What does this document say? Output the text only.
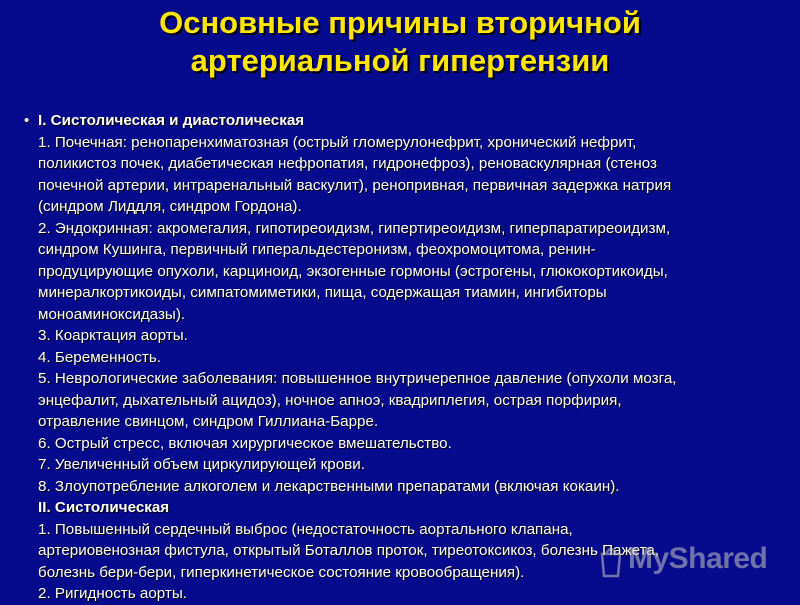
Основные причины вторичной
артериальной гипертензии
• I. Систолическая и диастолическая
1. Почечная: ренопаренхиматозная (острый гломерулонефрит, хронический нефрит,
поликистоз почек, диабетическая нефропатия, гидронефроз), реноваскулярная (стеноз
почечной артерии, интраренальный васкулит), ренопривная, первичная задержка натрия
(синдром Лиддля, синдром Гордона).
2. Эндокринная: акромегалия, гипотиреоидизм, гипертиреоидизм, гиперпаратиреоидизм,
синдром Кушинга, первичный гиперальдестеронизм, феохромоцитома, ренин-
продуцирующие опухоли, карциноид, экзогенные гормоны (эстрогены, глюкокортикоиды,
минералкортикоиды, симпатомиметики, пища, содержащая тиамин, ингибиторы
моноаминоксидазы).
3. Коарктация аорты.
4. Беременность.
5. Неврологические заболевания: повышенное внутричерепное давление (опухоли мозга,
энцефалит, дыхательный ацидоз), ночное апноэ, квадриплегия, острая порфирия,
отравление свинцом, синдром Гиллиана-Барре.
6. Острый стресс, включая хирургическое вмешательство.
7. Увеличенный объем циркулирующей крови.
8. Злоупотребление алкоголем и лекарственными препаратами (включая кокаин).
II. Систолическая
1. Повышенный сердечный выброс (недостаточность аортального клапана,
артериовенозная фистула, открытый Боталлов проток, тиреотоксикоз, болезнь Пажета,
болезнь бери-бери, гиперкинетическое состояние кровообращения).
2. Ригидность аорты.
MyShared
